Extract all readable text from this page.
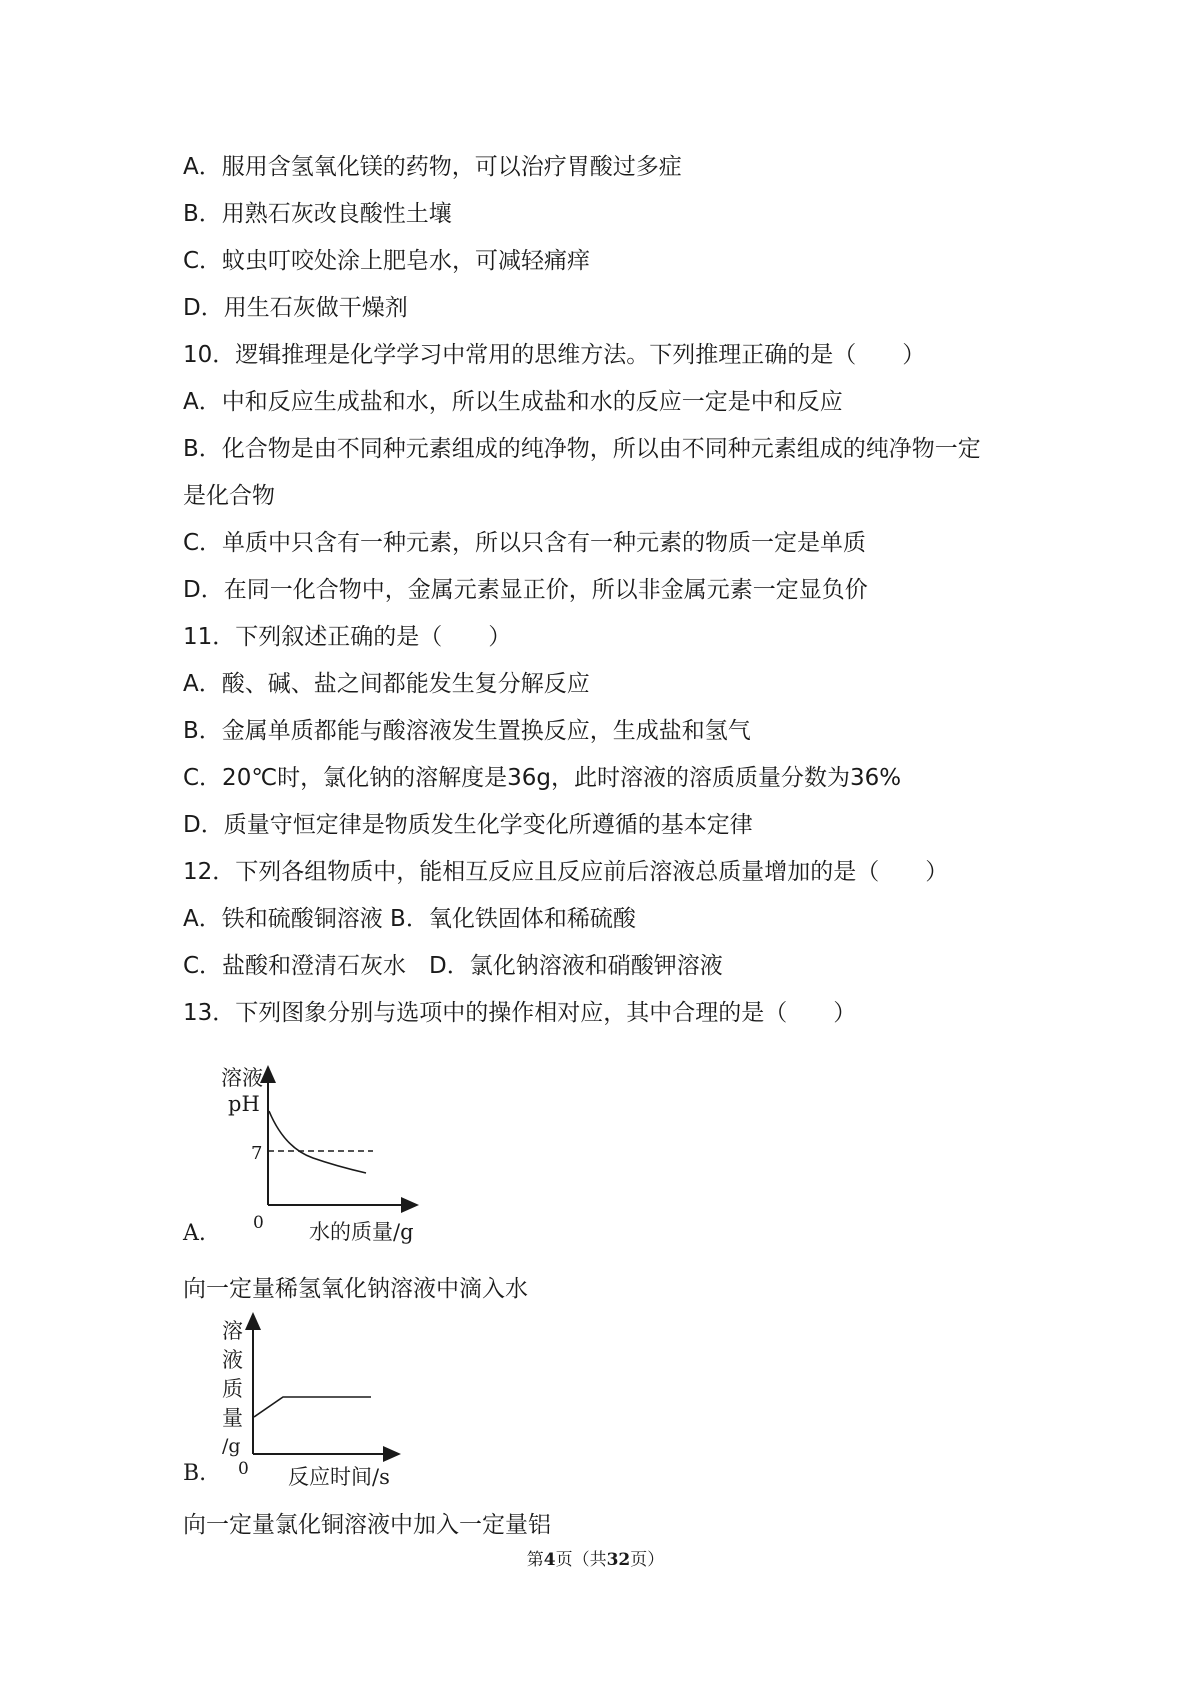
A．服用含氢氧化镁的药物，可以治疗胃酸过多症
B．用熟石灰改良酸性土壤
C．蚊虫叮咬处涂上肥皂水，可减轻痛痒
D．用生石灰做干燥剂
10．逻辑推理是化学学习中常用的思维方法。下列推理正确的是（　　）
A．中和反应生成盐和水，所以生成盐和水的反应一定是中和反应
B．化合物是由不同种元素组成的纯净物，所以由不同种元素组成的纯净物一定
是化合物
C．单质中只含有一种元素，所以只含有一种元素的物质一定是单质
D．在同一化合物中，金属元素显正价，所以非金属元素一定显负价
11．下列叙述正确的是（　　）
A．酸、碱、盐之间都能发生复分解反应
B．金属单质都能与酸溶液发生置换反应，生成盐和氢气
C．20℃时，氯化钠的溶解度是36g，此时溶液的溶质质量分数为36%
D．质量守恒定律是物质发生化学变化所遵循的基本定律
12．下列各组物质中，能相互反应且反应前后溶液总质量增加的是（　　）
A．铁和硫酸铜溶液 B．氧化铁固体和稀硫酸
C．盐酸和澄清石灰水　D．氯化钠溶液和硝酸钾溶液
13．下列图象分别与选项中的操作相对应，其中合理的是（　　）
A.
溶液
pH
7
0 水的质量/g
向一定量稀氢氧化钠溶液中滴入水
B.
溶
液
质
量
/g
0 反应时间/s
向一定量氯化铜溶液中加入一定量铝
第4页（共32页）
